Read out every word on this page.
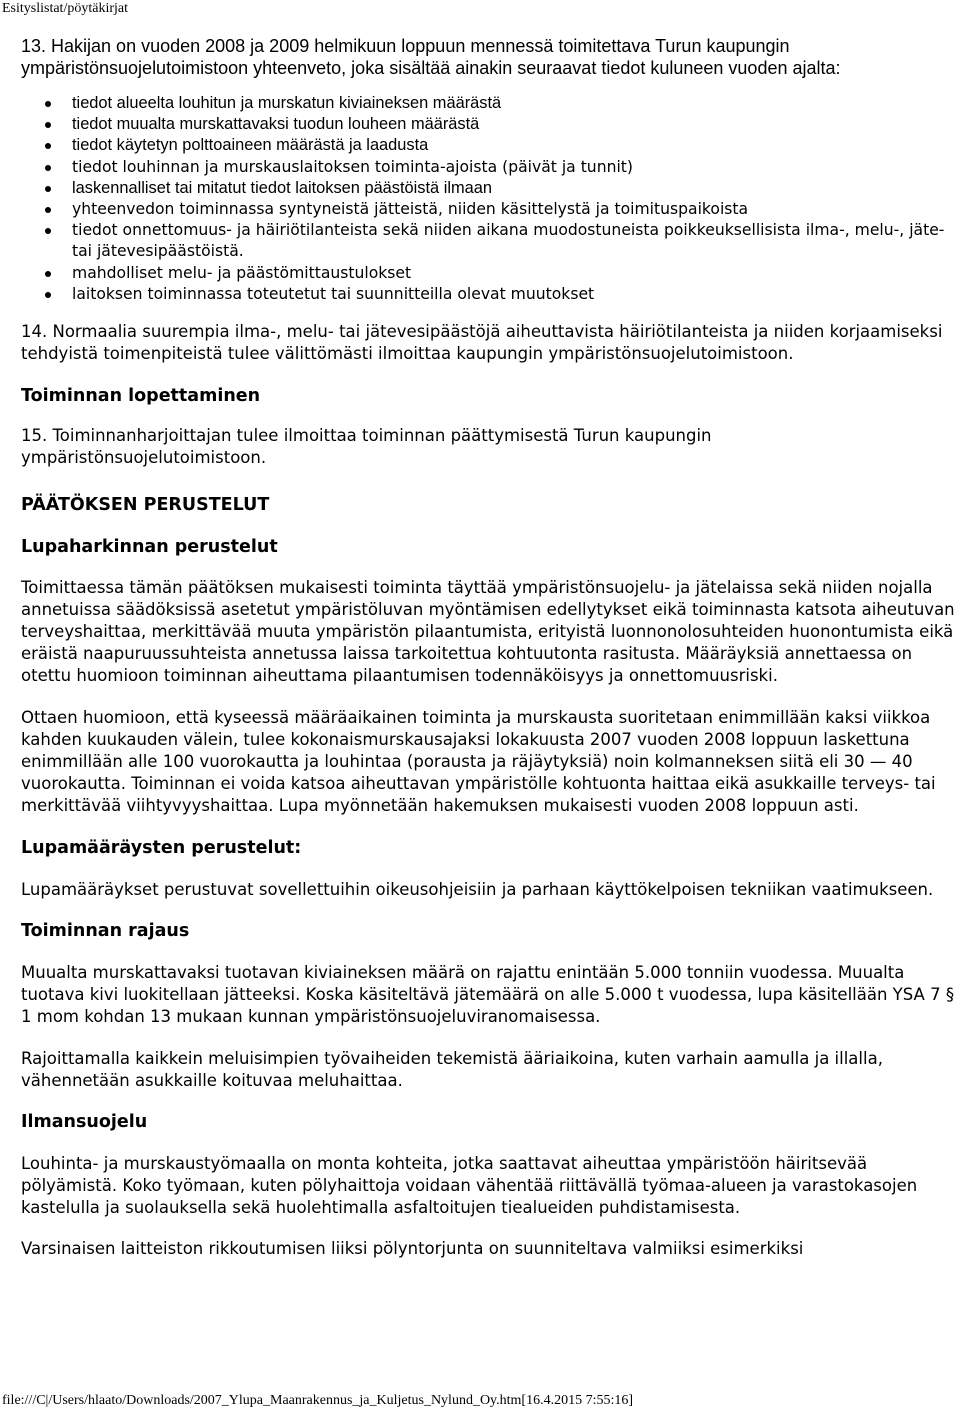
Esityslistat/pöytäkirjat

13. Hakijan on vuoden 2008 ja 2009 helmikuun loppuun mennessä toimitettava Turun kaupungin ympäristönsuojelutoimistoon yhteenveto, joka sisältää ainakin seuraavat tiedot kuluneen vuoden ajalta:

tiedot alueelta louhitun ja murskatun kiviaineksen määrästä
tiedot muualta murskattavaksi tuodun louheen määrästä
tiedot käytetyn polttoaineen määrästä ja laadusta
tiedot louhinnan ja murskauslaitoksen toiminta-ajoista (päivät ja tunnit)
laskennalliset tai mitatut tiedot laitoksen päästöistä ilmaan
yhteenvedon toiminnassa syntyneistä jätteistä, niiden käsittelystä ja toimituspaikoista
tiedot onnettomuus- ja häiriötilanteista sekä niiden aikana muodostuneista poikkeuksellisista ilma-, melu-, jäte- tai jätevesipäästöistä.
mahdolliset melu- ja päästömittaustulokset
laitoksen toiminnassa toteutetut tai suunnitteilla olevat muutokset

14. Normaalia suurempia ilma-, melu- tai jätevesipäästöjä aiheuttavista häiriötilanteista ja niiden korjaamiseksi tehdyistä toimenpiteistä tulee välittömästi ilmoittaa kaupungin ympäristönsuojelutoimistoon.

Toiminnan lopettaminen

15. Toiminnanharjoittajan tulee ilmoittaa toiminnan päättymisestä Turun kaupungin ympäristönsuojelutoimistoon.

PÄÄTÖKSEN PERUSTELUT

Lupaharkinnan perustelut

Toimittaessa tämän päätöksen mukaisesti toiminta täyttää ympäristönsuojelu- ja jätelaissa sekä niiden nojalla annetuissa säädöksissä asetetut ympäristöluvan myöntämisen edellytykset eikä toiminnasta katsota aiheutuvan terveyshaittaa, merkittävää muuta ympäristön pilaantumista, erityistä luonnonolosuhteiden huonontumista eikä eräistä naapuruussuhteista annetussa laissa tarkoitettua kohtuutonta rasitusta. Määräyksiä annettaessa on otettu huomioon toiminnan aiheuttama pilaantumisen todennäköisyys ja onnettomuusriski.

Ottaen huomioon, että kyseessä määräaikainen toiminta ja murskausta suoritetaan enimmillään kaksi viikkoa kahden kuukauden välein, tuleе kokonaismurskausajaksi lokakuusta 2007 vuoden 2008 loppuun laskettuna enimmillään alle 100 vuorokautta ja louhintaa (porausta ja räjäytyksiä) noin kolmanneksen siitä eli 30 — 40 vuorokautta. Toiminnan ei voida katsoa aiheuttavan ympäristölle kohtuonta haittaa eikä asukkaille terveys- tai merkittävää viihtyvyyshaittaa. Lupa myönnetään hakemuksen mukaisesti vuoden 2008 loppuun asti.

Lupamääräysten perustelut:

Lupamääräykset perustuvat sovellettuihin oikeusohjeisiin ja parhaan käyttökelpoisen tekniikan vaatimukseen.

Toiminnan rajaus

Muualta murskattavaksi tuotavan kiviaineksen määrä on rajattu enintään 5.000 tonniin vuodessa. Muualta tuotava kivi luokitellaan jätteeksi. Koska käsiteltävä jätemäärä on alle 5.000 t vuodessa, lupa käsitellään YSA 7 § 1 mom kohdan 13 mukaan kunnan ympäristönsuojeluviranomaisessa.

Rajoittamalla kaikkein meluisimpien työvaiheiden tekemistä ääriaikoina, kuten varhain aamulla ja illalla, vähennetään asukkaille koituvaa meluhaittaa.

Ilmansuojelu

Louhinta- ja murskaustyömaalla on monta kohteita, jotka saattavat aiheuttaa ympäristöön häiritsevää pölyämistä. Koko työmaan, kuten pölyhaittoja voidaan vähentää riittävällä työmaa-alueen ja varastokasojen kastelulla ja suolauksella sekä huolehtimalla asfaltoitujen tiealueiden puhdistamisesta.

Varsinaisen laitteiston rikkoutumisen liiksi pölyntorjunta on suunniteltava valmiiksi esimerkiksi

file:///C|/Users/hlaato/Downloads/2007_Ylupa_Maanrakennus_ja_Kuljetus_Nylund_Oy.htm[16.4.2015 7:55:16]
